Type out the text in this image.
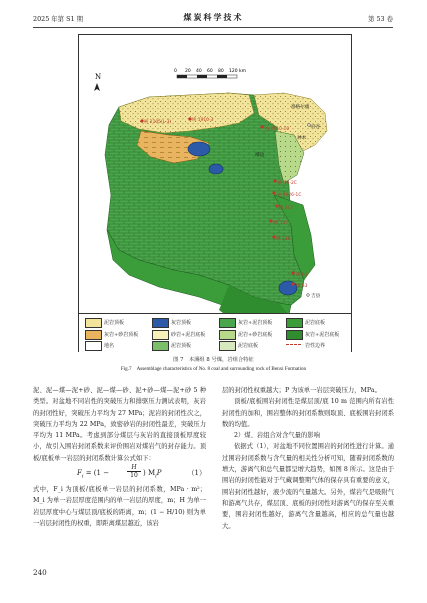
2025 年第 S1 期	煤炭科学技术	第 53 卷
N
0 20 40 60 80 120 km
统 2105(L-3)	统 1910-3
统 2010-10
统 58-2C
统 2626-1C
统 2C?
统 11?
统 138
统 61
统 63
准格尔旗
府谷
神木
靖边
吉县
泥岩顶板	灰岩顶板	灰岩+泥岩顶板	泥岩底板
灰岩+砂岩顶板	砂岩+泥岩底板	泥岩+砂岩底板	灰岩+泥岩底板
地名	泥岩顶板	泥岩底板	岩性边界
图 7　本溪组 8 号煤，岩组合特征
Fig.7　Assemblage characteristics of No. 8 coal and surrounding rock of Benxi Formation

泥、泥—煤—泥+砂、泥—煤—砂、泥+砂—煤—泥+砂 5 种类型。对盆地不同岩性的突破压力和排驱压力测试表明，灰岩的封闭性好，突破压力平均为 27 MPa；泥岩的封闭性次之，突破压力平均为 22 MPa，致密砂岩的封闭性最差，突破压力平均为 11 MPa。考虑到部分煤层与灰岩的直接顶板厚度较小，故引入围岩封闭系数来评价围岩对煤岩气的封存能力。顶板/底板单一岩层的封闭系数计算公式如下：

$F_i = (1$ −
H
10 ) $M_iP$	（1）

式中，F_i 为顶板/底板单一岩层的封闭系数，MPa · m²；M_i 为单一岩层厚度范围内的单一岩层的厚度，m；H 为单一岩层厚度中心与煤层顶/底板的距离，m；(1 − H/10) 则为单一岩层封闭性的权重，即距离煤层越近，该岩

层的封闭性权重越大；P 为该单一岩层突破压力，MPa。

顶板/底板围岩封闭性是煤层顶/底 10 m 范围内所有岩性封闭性的加和，围岩整体的封闭系数则取顶、底板围岩封闭系数的均值。

2）煤、岩组合对含气量的影响

依据式（1），对盆地不同位置围岩的封闭性进行计算。通过围岩封闭系数与含气量的相关性分析可知，随着封闭系数的增大，游离气和总气量都呈增大趋势，如图 8 所示。这是由于围岩的封闭性能对于气藏调整期气体的保存具有重要的意义，围岩封闭性越好，液少流的气量越大。另外，煤岩气是吸附气和游离气共存，煤层顶、底板的封闭性对游离气的保存至关重要，围岩封闭性越好，游离气含量越高，相应的总气量也越大。

240
